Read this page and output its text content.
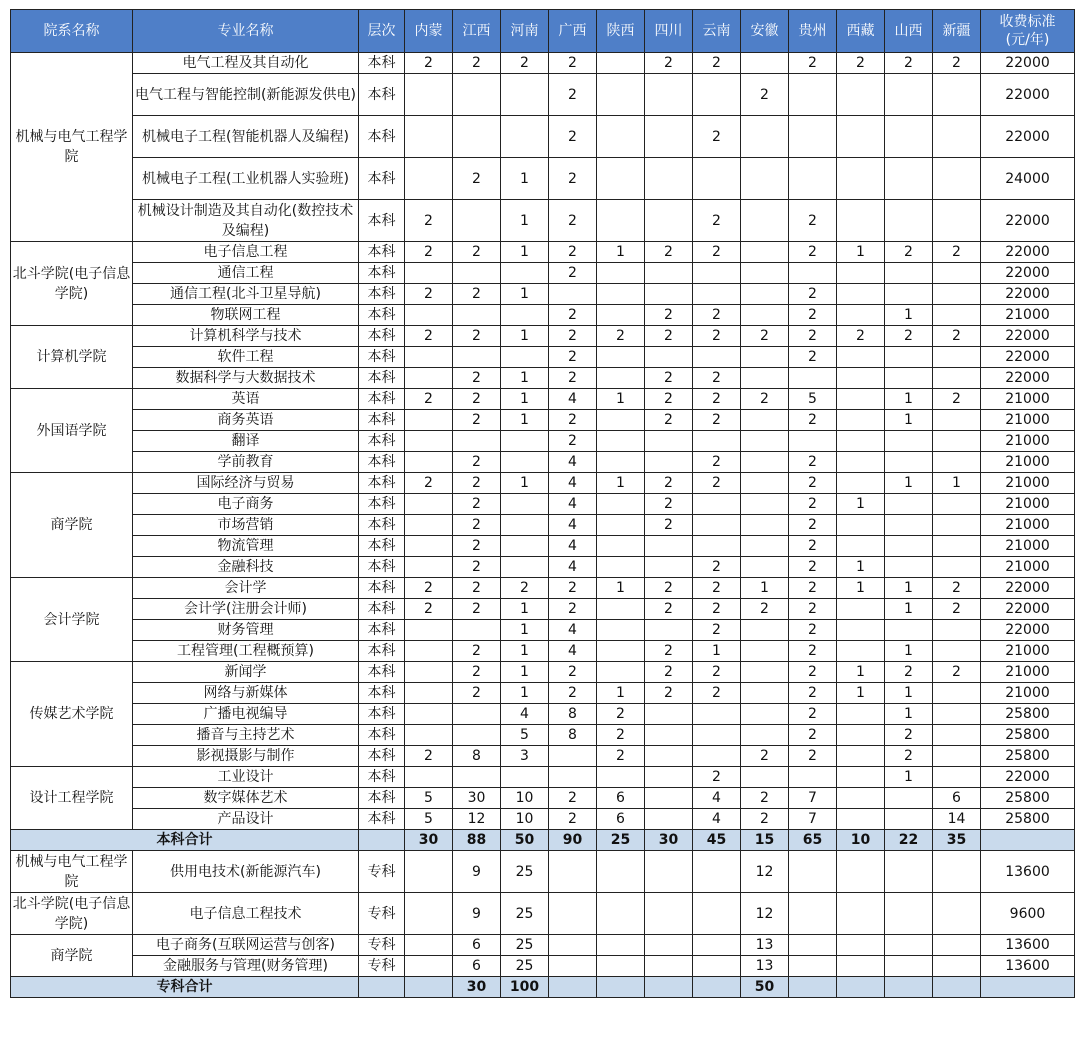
院系名称	专业名称	层次	内蒙	江西	河南	广西	陕西	四川	云南	安徽	贵州	西藏	山西	新疆	收费标准
(元/年)
机械与电气工程学院	电气工程及其自动化	本科	2	2	2	2		2	2		2	2	2	2	22000
	电气工程与智能控制(新能源发供电)	本科				2				2					22000
	机械电子工程(智能机器人及编程)	本科				2			2						22000
	机械电子工程(工业机器人实验班)	本科		2	1	2									24000
	机械设计制造及其自动化(数控技术及编程)	本科	2		1	2			2		2				22000
北斗学院(电子信息学院)	电子信息工程	本科	2	2	1	2	1	2	2		2	1	2	2	22000
	通信工程	本科				2									22000
	通信工程(北斗卫星导航)	本科	2	2	1						2				22000
	物联网工程	本科				2		2	2		2		1		21000
计算机学院	计算机科学与技术	本科	2	2	1	2	2	2	2	2	2	2	2	2	22000
	软件工程	本科				2					2				22000
	数据科学与大数据技术	本科		2	1	2		2	2						22000
外国语学院	英语	本科	2	2	1	4	1	2	2	2	5		1	2	21000
	商务英语	本科		2	1	2		2	2		2		1		21000
	翻译	本科				2									21000
	学前教育	本科		2		4			2		2				21000
商学院	国际经济与贸易	本科	2	2	1	4	1	2	2		2		1	1	21000
	电子商务	本科		2		4		2			2	1			21000
	市场营销	本科		2		4		2			2				21000
	物流管理	本科		2		4					2				21000
	金融科技	本科		2		4			2		2	1			21000
会计学院	会计学	本科	2	2	2	2	1	2	2	1	2	1	1	2	22000
	会计学(注册会计师)	本科	2	2	1	2		2	2	2	2		1	2	22000
	财务管理	本科			1	4			2		2				22000
	工程管理(工程概预算)	本科		2	1	4		2	1		2		1		21000
传媒艺术学院	新闻学	本科		2	1	2		2	2		2	1	2	2	21000
	网络与新媒体	本科		2	1	2	1	2	2		2	1	1		21000
	广播电视编导	本科			4	8	2				2		1		25800
	播音与主持艺术	本科			5	8	2				2		2		25800
	影视摄影与制作	本科	2	8	3		2			2	2		2		25800
设计工程学院	工业设计	本科							2				1		22000
	数字媒体艺术	本科	5	30	10	2	6		4	2	7			6	25800
	产品设计	本科	5	12	10	2	6		4	2	7			14	25800
本科合计			30	88	50	90	25	30	45	15	65	10	22	35	
机械与电气工程学院	供用电技术(新能源汽车)	专科		9	25					12					13600
北斗学院(电子信息学院)	电子信息工程技术	专科		9	25					12					9600
商学院	电子商务(互联网运营与创客)	专科		6	25					13					13600
	金融服务与管理(财务管理)	专科		6	25					13					13600
专科合计				30	100					50					
